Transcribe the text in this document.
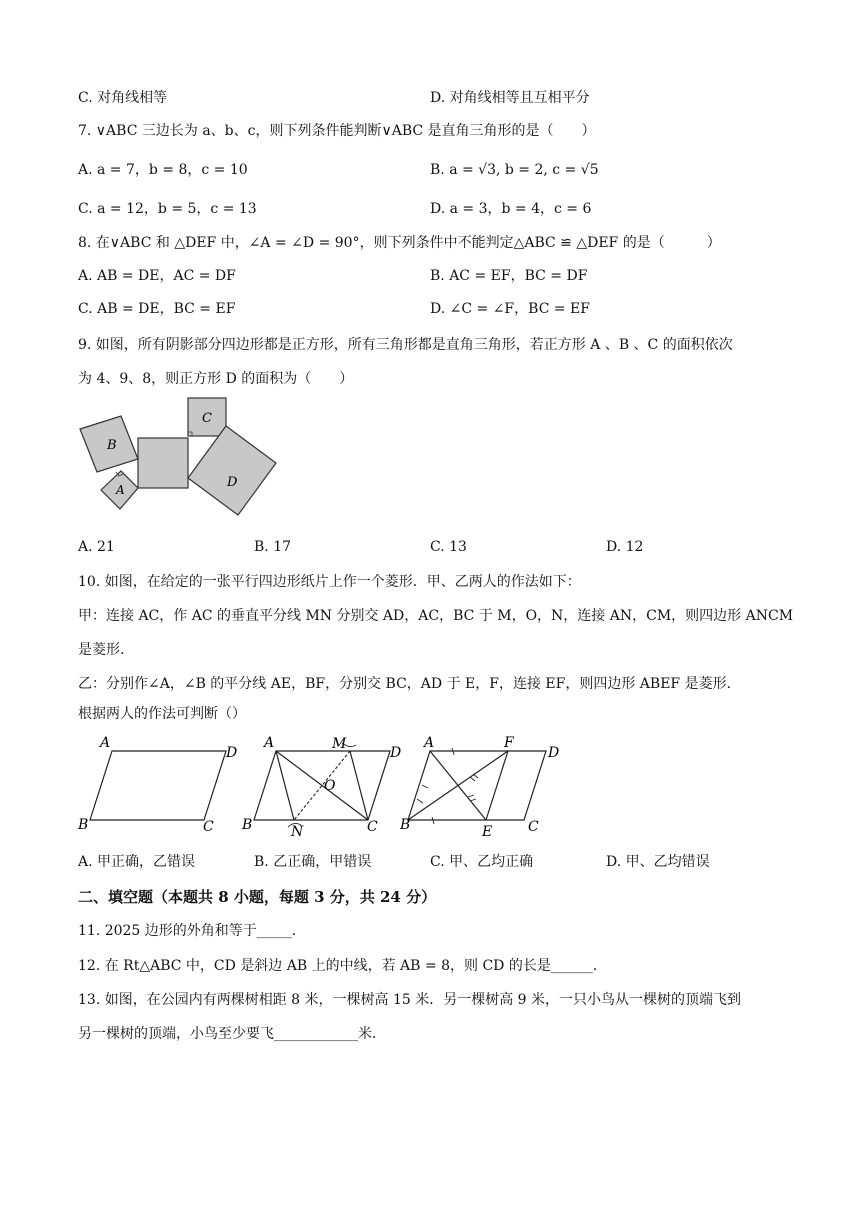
C. 对角线相等	D. 对角线相等且互相平分
7. ∨ABC 三边长为 a、b、c，则下列条件能判断∨ABC 是直角三角形的是（　　）
A. a = 7，b = 8，c = 10	B. a = √3, b = 2, c = √5
C. a = 12，b = 5，c = 13	D. a = 3，b = 4，c = 6
8. 在∨ABC 和 △DEF 中，∠A = ∠D = 90°，则下列条件中不能判定△ABC ≌ △DEF 的是（　　　）
A. AB = DE，AC = DF	B. AC = EF，BC = DF
C. AB = DE，BC = EF	D. ∠C = ∠F，BC = EF
9. 如图，所有阴影部分四边形都是正方形，所有三角形都是直角三角形，若正方形 A 、B 、C 的面积依次
为 4、9、8，则正方形 D 的面积为（　　）
B
A
C
D
A. 21	B. 17	C. 13	D. 12
10. 如图，在给定的一张平行四边形纸片上作一个菱形．甲、乙两人的作法如下：
甲：连接 AC，作 AC 的垂直平分线 MN 分别交 AD，AC，BC 于 M，O，N，连接 AN，CM，则四边形 ANCM
是菱形.
乙：分别作∠A，∠B 的平分线 AE，BF，分别交 BC，AD 于 E，F，连接 EF，则四边形 ABEF 是菱形.
根据两人的作法可判断（）
A
D
B	C
A	M
D
O
B	N	C
A	F
D
B	E	C
A. 甲正确，乙错误	B. 乙正确，甲错误	C. 甲、乙均正确	D. 甲、乙均错误
二、填空题（本题共 8 小题，每题 3 分，共 24 分）
11. 2025 边形的外角和等于_____．
12. 在 Rt△ABC 中，CD 是斜边 AB 上的中线，若 AB = 8，则 CD 的长是______．
13. 如图，在公园内有两棵树相距 8 米，一棵树高 15 米．另一棵树高 9 米，一只小鸟从一棵树的顶端飞到
另一棵树的顶端，小鸟至少要飞____________米．
